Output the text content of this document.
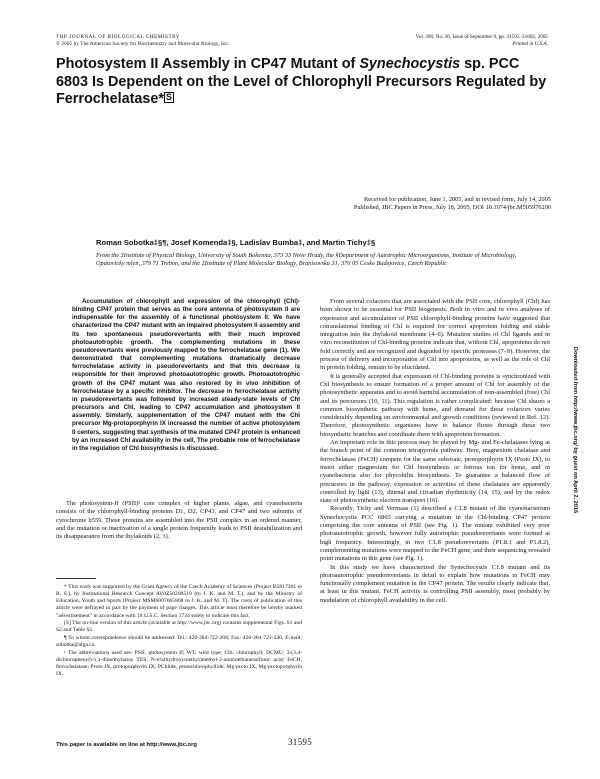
THE JOURNAL OF BIOLOGICAL CHEMISTRY
© 2005 by The American Society for Biochemistry and Molecular Biology, Inc.
Vol. 280, No. 36, Issue of September 9, pp. 31595–31602, 2005
Printed in U.S.A.
Photosystem II Assembly in CP47 Mutant of Synechocystis sp. PCC 6803 Is Dependent on the Level of Chlorophyll Precursors Regulated by Ferrochelatase* S
Received for publication, June 1, 2005, and in revised form, July 14, 2005
Published, JBC Papers in Press, July 18, 2005, DOI 10.1074/jbc.M505976200
Roman Sobotka‡§¶, Josef Komenda‡§, Ladislav Bumba‡, and Martin Tichy‡§
From the ‡Institute of Physical Biology, University of South Bohemia, 373 33 Nove Hrady, the §Department of Autotrophic Microorganisms, Institute of Microbiology, Opatovicky mlyn, 379 71 Trebon, and the ‡Institute of Plant Molecular Biology, Branisovska 31, 370 05 Ceske Budejovice, Czech Republic
Accumulation of chlorophyll and expression of the chlorophyll (Chl)-binding CP47 protein that serves as the core antenna of photosystem II are indispensable for the assembly of a functional photosystem II. We have characterized the CP47 mutant with an impaired photosystem II assembly and its two spontaneous pseudorevertants with their much improved photoautotrophic growth. The complementing mutations in these pseudorevertants were previously mapped to the ferrochelatase gene (1). We demonstrated that complementing mutations dramatically decrease ferrochelatase activity in pseudorevertants and that this decrease is responsible for their improved photoautotrophic growth. Photoautotrophic growth of the CP47 mutant was also restored by in vivo inhibition of ferrochelatase by a specific inhibitor. The decrease in ferrochelatase activity in pseudorevertants was followed by increased steady-state levels of Chl precursors and Chl, leading to CP47 accumulation and photosystem II assembly. Similarly, supplementation of the CP47 mutant with the Chl precursor Mg-protoporphyrin IX increased the number of active photosystem II centers, suggesting that synthesis of the mutated CP47 protein is enhanced by an increased Chl availability in the cell. The probable role of ferrochelatase in the regulation of Chl biosynthesis is discussed.
The photosystem-II (PSII)¹ core complex of higher plants, algae, and cyanobacteria consists of the chlorophyll-binding proteins D1, D2, CP43, and CP47 and two subunits of cytochrome b559. These proteins are assembled into the PSII complex in an ordered manner, and the mutation or inactivation of a single protein frequently leads to PSII destabilization and its disappearance from the thylakoids (2, 3).

* This work was supported by the Grant Agency of the Czech Academy of Sciences (Project B5817301 to R. S.), by Institutional Research Concept AV0Z50200510 (to J. K. and M. T.), and by the Ministry of Education, Youth and Sports (Project MSM6007665808 to J. K. and M. T). The costs of publication of this article were defrayed in part by the payment of page charges. This article must therefore be hereby marked "advertisement" in accordance with 18 U.S.C. Section 1734 solely to indicate this fact.

[S] The on-line version of this article (available at http://www.jbc.org) contains supplemental Figs. S1 and S2 and Table S1.

¶ To whom correspondence should be addressed: Tel.: 420-384-722-268; Fax: 420-384-721-246; E-mail: sobotka@alga.cz.

¹ The abbreviations used are: PSII, photosystem II; WT, wild type; Chl, chlorophyll; DCMU, 3-(3,4-dichlorophenyl)-1,1-dimethylurea; TES, N-tris(hydroxymethyl)methyl-2-aminoethanesulfonic acid; FeCH, ferrochelatase; Proto IX, protoporphyrin IX; PChlide, protochlorophyllide; Mg-proto IX, Mg-protoporphyrin IX.

From several cofactors that are associated with the PSII core, chlorophyll (Chl) has been shown to be essential for PSII biogenesis. Both in vitro and in vivo analyses of expression and accumulation of PSII chlorophyll-binding proteins have suggested that cotranslational binding of Chl is required for correct apoprotein folding and stable integration into the thylakoid membrane (4–6). Mutation studies of Chl ligands and in vitro reconstitution of Chl-binding proteins indicate that, without Chl, apoproteins do not fold correctly and are recognized and degraded by specific proteases (7–9). However, the process of delivery and incorporation of Chl into apoproteins, as well as the role of Chl in protein folding, remain to be elucidated.

It is generally accepted that expression of Chl-binding proteins is synchronized with Chl biosynthesis to ensure formation of a proper amount of Chl for assembly of the photosynthetic apparatus and to avoid harmful accumulation of non-assembled (free) Chl and its precursors (10, 11). This regulation is rather complicated: because Chl shares a common biosynthetic pathway with heme, and demand for these cofactors varies considerably depending on environmental and growth conditions (reviewed in Ref. 12). Therefore, photosynthetic organisms have to balance fluxes through these two biosynthetic branches and coordinate them with apoprotein formation.

An important role in this process may be played by Mg- and Fe-chelatases lying at the branch point of the common tetrapyrrole pathway. Here, magnesium chelatase and ferrochelatase (FeCH) compete for the same substrate, protoporphyrin IX (Proto IX), to insert either magnesium for Chl biosynthesis or ferrous ion for heme, and in cyanobacteria also for phycobilin biosynthesis. To guarantee a balanced flow of precursors in the pathway, expression or activities of these chelatases are apparently controlled by light (13), diurnal and circadian rhythmicity (14, 15), and by the redox state of photosynthetic electron transport (16).

Recently, Tichy and Vermaas (1) described a C1.8 mutant of the cyanobacterium Synechocystis PCC 6803 carrying a mutation in the Chl-binding CP47 protein comprising the core antenna of PSII (see Fig. 1). The mutant exhibited very poor photoautotrophic growth, however fully autotrophic pseudorevertants were formed at high frequency. Interestingly, in two C1.8 pseudorevertants (P1.8.1 and P1.8.2), complementing mutations were mapped to the FeCH gene, and their sequencing revealed point mutations in this gene (see Fig. 1).

In this study we have characterized the Synechocystis C1.8 mutant and its photoautotrophic pseudorevertants in detail to explain how mutations in FeCH may functionally complement mutation in the CP47 protein. The results clearly indicate that, at least in this mutant, FeCH activity is controlling PSII assembly, most probably by modulation of chlorophyll availability in the cell.

This paper is available on line at http://www.jbc.org	31595
Downloaded from http://www.jbc.org/ by guest on April 2, 2016
